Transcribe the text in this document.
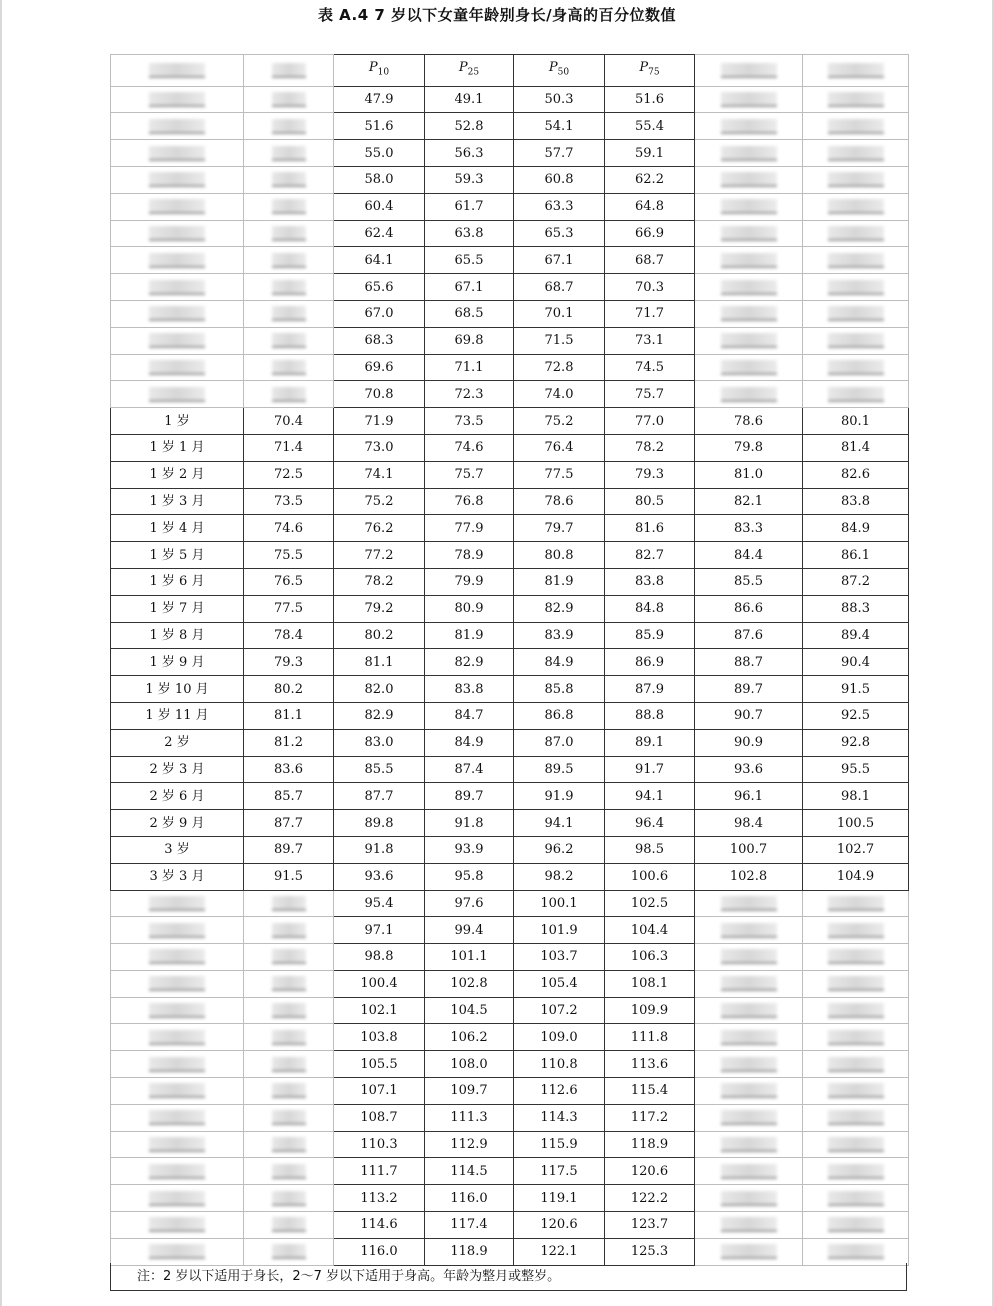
表 A.4 7 岁以下女童年龄别身长/身高的百分位数值
		$P_{10}$	$P_{25}$	$P_{50}$	$P_{75}$		
		47.9	49.1	50.3	51.6		
		51.6	52.8	54.1	55.4		
		55.0	56.3	57.7	59.1		
		58.0	59.3	60.8	62.2		
		60.4	61.7	63.3	64.8		
		62.4	63.8	65.3	66.9		
		64.1	65.5	67.1	68.7		
		65.6	67.1	68.7	70.3		
		67.0	68.5	70.1	71.7		
		68.3	69.8	71.5	73.1		
		69.6	71.1	72.8	74.5		
		70.8	72.3	74.0	75.7		
1 岁	70.4	71.9	73.5	75.2	77.0	78.6	80.1
1 岁 1 月	71.4	73.0	74.6	76.4	78.2	79.8	81.4
1 岁 2 月	72.5	74.1	75.7	77.5	79.3	81.0	82.6
1 岁 3 月	73.5	75.2	76.8	78.6	80.5	82.1	83.8
1 岁 4 月	74.6	76.2	77.9	79.7	81.6	83.3	84.9
1 岁 5 月	75.5	77.2	78.9	80.8	82.7	84.4	86.1
1 岁 6 月	76.5	78.2	79.9	81.9	83.8	85.5	87.2
1 岁 7 月	77.5	79.2	80.9	82.9	84.8	86.6	88.3
1 岁 8 月	78.4	80.2	81.9	83.9	85.9	87.6	89.4
1 岁 9 月	79.3	81.1	82.9	84.9	86.9	88.7	90.4
1 岁 10 月	80.2	82.0	83.8	85.8	87.9	89.7	91.5
1 岁 11 月	81.1	82.9	84.7	86.8	88.8	90.7	92.5
2 岁	81.2	83.0	84.9	87.0	89.1	90.9	92.8
2 岁 3 月	83.6	85.5	87.4	89.5	91.7	93.6	95.5
2 岁 6 月	85.7	87.7	89.7	91.9	94.1	96.1	98.1
2 岁 9 月	87.7	89.8	91.8	94.1	96.4	98.4	100.5
3 岁	89.7	91.8	93.9	96.2	98.5	100.7	102.7
3 岁 3 月	91.5	93.6	95.8	98.2	100.6	102.8	104.9
		95.4	97.6	100.1	102.5		
		97.1	99.4	101.9	104.4		
		98.8	101.1	103.7	106.3		
		100.4	102.8	105.4	108.1		
		102.1	104.5	107.2	109.9		
		103.8	106.2	109.0	111.8		
		105.5	108.0	110.8	113.6		
		107.1	109.7	112.6	115.4		
		108.7	111.3	114.3	117.2		
		110.3	112.9	115.9	118.9		
		111.7	114.5	117.5	120.6		
		113.2	116.0	119.1	122.2		
		114.6	117.4	120.6	123.7		
		116.0	118.9	122.1	125.3		
注：2 岁以下适用于身长，2〜7 岁以下适用于身高。年龄为整月或整岁。
